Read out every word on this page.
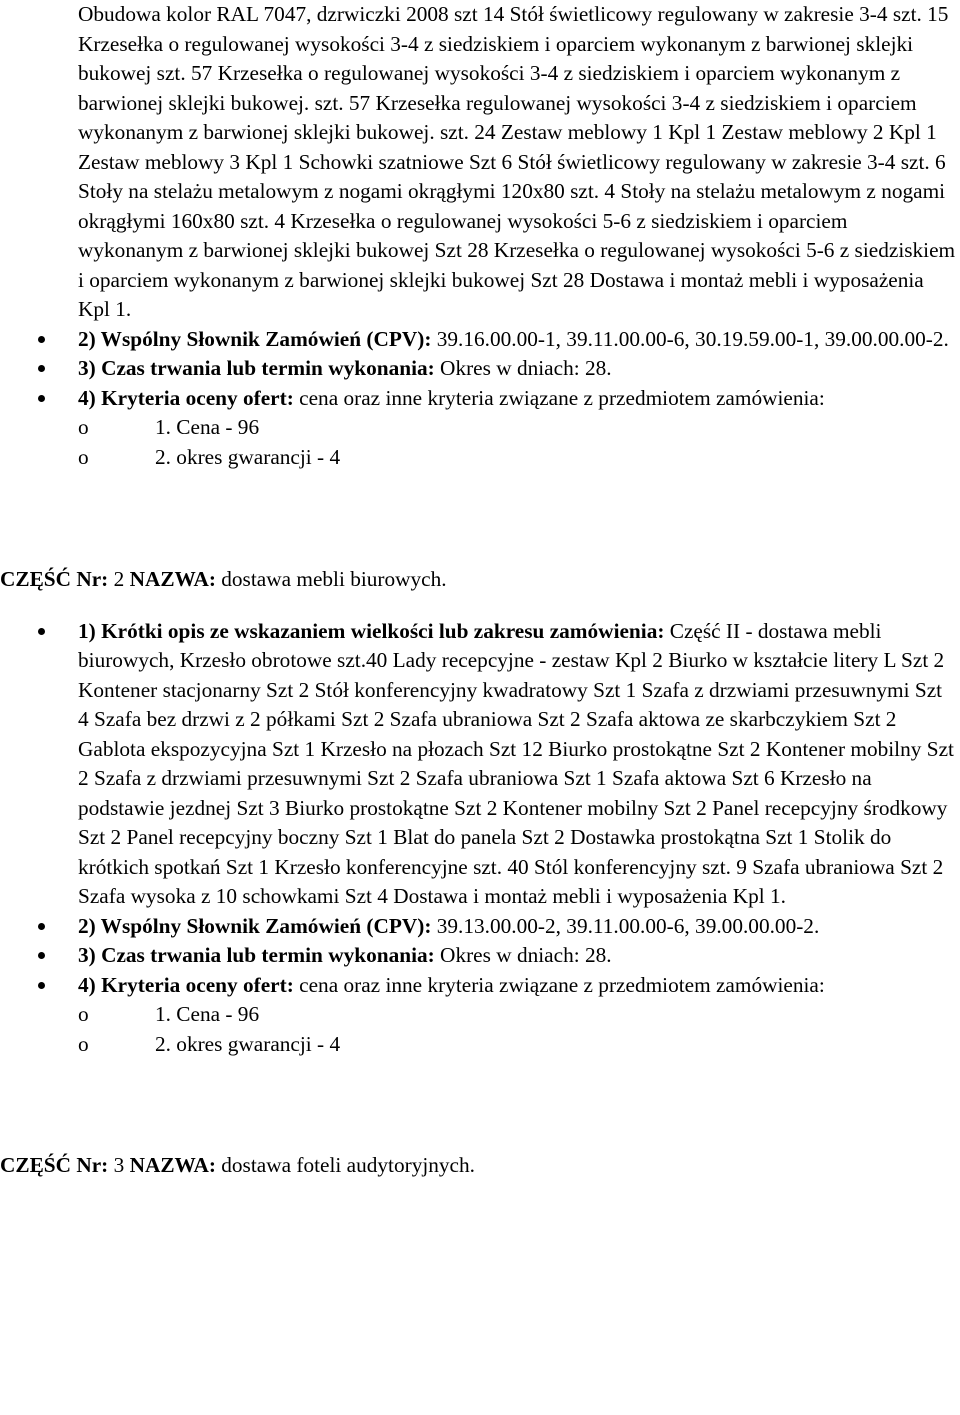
Obudowa kolor RAL 7047, dzrwiczki 2008 szt 14 Stół świetlicowy regulowany w zakresie 3-4 szt. 15 Krzesełka o regulowanej wysokości 3-4 z siedziskiem i oparciem wykonanym z barwionej sklejki bukowej szt. 57 Krzesełka o regulowanej wysokości 3-4 z siedziskiem i oparciem wykonanym z barwionej sklejki bukowej. szt. 57 Krzesełka regulowanej wysokości 3-4 z siedziskiem i oparciem wykonanym z barwionej sklejki bukowej. szt. 24 Zestaw meblowy 1 Kpl 1 Zestaw meblowy 2 Kpl 1 Zestaw meblowy 3 Kpl 1 Schowki szatniowe Szt 6 Stół świetlicowy regulowany w zakresie 3-4 szt. 6 Stoły na stelażu metalowym z nogami okrągłymi 120x80 szt. 4 Stoły na stelażu metalowym z nogami okrągłymi 160x80 szt. 4 Krzesełka o regulowanej wysokości 5-6 z siedziskiem i oparciem wykonanym z barwionej sklejki bukowej Szt 28 Krzesełka o regulowanej wysokości 5-6 z siedziskiem i oparciem wykonanym z barwionej sklejki bukowej Szt 28 Dostawa i montaż mebli i wyposażenia Kpl 1.

2) Wspólny Słownik Zamówień (CPV): 39.16.00.00-1, 39.11.00.00-6, 30.19.59.00-1, 39.00.00.00-2.
3) Czas trwania lub termin wykonania: Okres w dniach: 28.
4) Kryteria oceny ofert: cena oraz inne kryteria związane z przedmiotem zamówienia:
o	1. Cena - 96
o	2. okres gwarancji - 4

CZĘŚĆ Nr: 2 NAZWA: dostawa mebli biurowych.

1) Krótki opis ze wskazaniem wielkości lub zakresu zamówienia: Część II - dostawa mebli biurowych, Krzesło obrotowe szt.40 Lady recepcyjne - zestaw Kpl 2 Biurko w kształcie litery L Szt 2 Kontener stacjonarny Szt 2 Stół konferencyjny kwadratowy Szt 1 Szafa z drzwiami przesuwnymi Szt 4 Szafa bez drzwi z 2 półkami Szt 2 Szafa ubraniowa Szt 2 Szafa aktowa ze skarbczykiem Szt 2 Gablota ekspozycyjna Szt 1 Krzesło na płozach Szt 12 Biurko prostokątne Szt 2 Kontener mobilny Szt 2 Szafa z drzwiami przesuwnymi Szt 2 Szafa ubraniowa Szt 1 Szafa aktowa Szt 6 Krzesło na podstawie jezdnej Szt 3 Biurko prostokątne Szt 2 Kontener mobilny Szt 2 Panel recepcyjny środkowy Szt 2 Panel recepcyjny boczny Szt 1 Blat do panela Szt 2 Dostawka prostokątna Szt 1 Stolik do krótkich spotkań Szt 1 Krzesło konferencyjne szt. 40 Stól konferencyjny szt. 9 Szafa ubraniowa Szt 2 Szafa wysoka z 10 schowkami Szt 4 Dostawa i montaż mebli i wyposażenia Kpl 1.
2) Wspólny Słownik Zamówień (CPV): 39.13.00.00-2, 39.11.00.00-6, 39.00.00.00-2.
3) Czas trwania lub termin wykonania: Okres w dniach: 28.
4) Kryteria oceny ofert: cena oraz inne kryteria związane z przedmiotem zamówienia:
o	1. Cena - 96
o	2. okres gwarancji - 4

CZĘŚĆ Nr: 3 NAZWA: dostawa foteli audytoryjnych.
